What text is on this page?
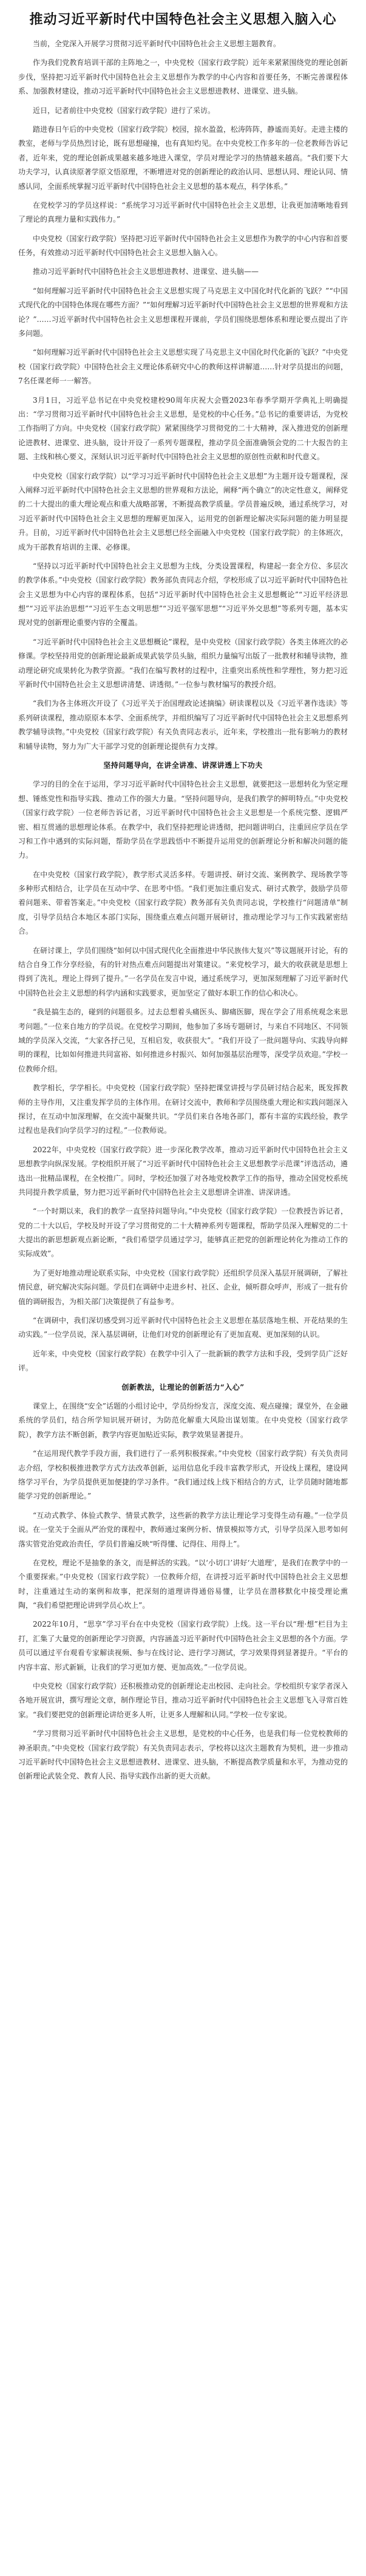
推动习近平新时代中国特色社会主义思想入脑入心

当前，全党深入开展学习贯彻习近平新时代中国特色社会主义思想主题教育。

作为我们党教育培训干部的主阵地之一，中央党校（国家行政学院）近年来紧紧围绕党的理论创新步伐，坚持把习近平新时代中国特色社会主义思想作为教学的中心内容和首要任务，不断完善课程体系、加强教材建设，推动习近平新时代中国特色社会主义思想进教材、进课堂、进头脑。

近日，记者前往中央党校（国家行政学院）进行了采访。

踏进春日午后的中央党校（国家行政学院）校园，掠水盈盈，松涛阵阵，静谧而美好。走进主楼的教室，老师与学员热烈讨论，既有思想碰撞，也有真知灼见。在中央党校工作多年的一位老教师告诉记者，近年来，党的理论创新成果越来越多地进入课堂，学员对理论学习的热情越来越高。“我们要下大功夫学习，认真读原著学原文悟原理，不断增进对党的创新理论的政治认同、思想认同、理论认同、情感认同，全面系统掌握习近平新时代中国特色社会主义思想的基本观点，科学体系。”

在党校学习的学员这样说：“系统学习习近平新时代中国特色社会主义思想，让我更加清晰地看到了理论的真理力量和实践伟力。”

中央党校（国家行政学院）坚持把习近平新时代中国特色社会主义思想作为教学的中心内容和首要任务，有效推动习近平新时代中国特色社会主义思想入脑入心。

推动习近平新时代中国特色社会主义思想进教材、进课堂、进头脑——

“如何理解习近平新时代中国特色社会主义思想实现了马克思主义中国化时代化新的飞跃？”“中国式现代化的中国特色体现在哪些方面？”“如何理解习近平新时代中国特色社会主义思想的世界观和方法论？”……习近平新时代中国特色社会主义思想课程开课前，学员们围绕思想体系和理论要点提出了许多问题。

“如何理解习近平新时代中国特色社会主义思想实现了马克思主义中国化时代化新的飞跃？”中央党校（国家行政学院）中国特色社会主义理论体系研究中心的教师这样讲解道……针对学员提出的问题，7名任课老师一一解答。

3月1日，习近平总书记在中央党校建校90周年庆祝大会暨2023年春季学期开学典礼上明确提出：“学习贯彻习近平新时代中国特色社会主义思想，是党校的中心任务。”总书记的重要讲话，为党校工作指明了方向。中央党校（国家行政学院）紧紧围绕学习贯彻党的二十大精神，深入推进党的创新理论进教材、进课堂、进头脑，设计开设了一系列专题课程，推动学员全面准确领会党的二十大报告的主题、主线和核心要义，深刻认识习近平新时代中国特色社会主义思想的原创性贡献和时代意义。

中央党校（国家行政学院）以“学习习近平新时代中国特色社会主义思想”为主题开设专题课程，深入阐释习近平新时代中国特色社会主义思想的世界观和方法论，阐释“两个确立”的决定性意义，阐释党的二十大提出的重大理论观点和重大战略部署，不断提高教学质量。学员普遍反映，通过系统学习，对习近平新时代中国特色社会主义思想的理解更加深入，运用党的创新理论解决实际问题的能力明显提升。目前，习近平新时代中国特色社会主义思想已经全面融入中央党校（国家行政学院）的主体班次，成为干部教育培训的主课、必修课。

“坚持以习近平新时代中国特色社会主义思想为主线，分类设置课程，构建起一套全方位、多层次的教学体系。”中央党校（国家行政学院）教务部负责同志介绍，学校形成了以习近平新时代中国特色社会主义思想为中心内容的课程体系，包括“习近平新时代中国特色社会主义思想概论”“习近平经济思想”“习近平法治思想”“习近平生态文明思想”“习近平强军思想”“习近平外交思想”等系列专题，基本实现对党的创新理论重要内容的全覆盖。

“习近平新时代中国特色社会主义思想概论”课程，是中央党校（国家行政学院）各类主体班次的必修课。学校坚持用党的创新理论最新成果武装学员头脑，组织力量编写出版了一批教材和辅导读物，推动理论研究成果转化为教学资源。“我们在编写教材的过程中，注重突出系统性和学理性，努力把习近平新时代中国特色社会主义思想讲清楚、讲透彻。”一位参与教材编写的教授介绍。

“我们为各主体班次开设了《习近平关于治国理政论述摘编》研读课程以及《习近平著作选读》等系列研读课程，推动原原本本学、全面系统学，并组织编写了习近平新时代中国特色社会主义思想系列教学辅导读物。”中央党校（国家行政学院）有关负责同志表示，近年来，学校推出一批有影响力的教材和辅导读物，努力为广大干部学习党的创新理论提供有力支撑。

坚持问题导向，在讲全讲准、讲深讲透上下功夫

学习的目的全在于运用，学习习近平新时代中国特色社会主义思想，就要把这一思想转化为坚定理想、锤炼党性和指导实践、推动工作的强大力量。“坚持问题导向，是我们教学的鲜明特点。”中央党校（国家行政学院）一位老师告诉记者，习近平新时代中国特色社会主义思想是一个系统完整、逻辑严密、相互贯通的思想理论体系。在教学中，我们坚持把理论讲透彻，把问题讲明白，注重回应学员在学习和工作中遇到的实际问题，帮助学员在学思践悟中不断提升运用党的创新理论分析和解决问题的能力。

在中央党校（国家行政学院），教学形式灵活多样。专题讲授、研讨交流、案例教学、现场教学等多种形式相结合，让学员在互动中学、在思考中悟。“我们更加注重启发式、研讨式教学，鼓励学员带着问题来、带着答案走。”中央党校（国家行政学院）教务部有关负责同志说，学校推行“问题清单”制度，引导学员结合本地区本部门实际，围绕重点难点问题开展研讨，推动理论学习与工作实践紧密结合。

在研讨课上，学员们围绕“如何以中国式现代化全面推进中华民族伟大复兴”等议题展开讨论，有的结合自身工作分享经验，有的针对热点难点问题提出对策建议。“来党校学习，最大的收获就是思想上得到了洗礼，理论上得到了提升。”一名学员在发言中说，通过系统学习，更加深刻理解了习近平新时代中国特色社会主义思想的科学内涵和实践要求，更加坚定了做好本职工作的信心和决心。

“我是搞生态的，碰到的问题很多。过去总想着头痛医头、脚痛医脚，现在学会了用系统观念来思考问题。”一位来自地方的学员说。在党校学习期间，他参加了多场专题研讨，与来自不同地区、不同领域的学员深入交流，“大家各抒己见，互相启发，收获很大”。“我们开设了一批问题导向、实践导向鲜明的课程，比如如何推进共同富裕、如何推进乡村振兴、如何加强基层治理等，深受学员欢迎。”学校一位教师介绍。

教学相长，学学相长。中央党校（国家行政学院）坚持把课堂讲授与学员研讨结合起来，既发挥教师的主导作用，又注重发挥学员的主体作用。在研讨交流中，教师和学员围绕重大理论和实践问题深入探讨，在互动中加深理解，在交流中凝聚共识。“学员们来自各地各部门，都有丰富的实践经验，教学过程也是我们向学员学习的过程。”一位教师说。

2022年，中央党校（国家行政学院）进一步深化教学改革，推动习近平新时代中国特色社会主义思想教学向纵深发展。学校组织开展了“习近平新时代中国特色社会主义思想教学示范课”评选活动，遴选出一批精品课程，在全校推广。同时，学校还加强了对各地党校教学工作的指导，推动全国党校系统共同提升教学质量，努力把习近平新时代中国特色社会主义思想讲全讲准、讲深讲透。

“一个时期以来，我们的教学一直坚持问题导向。”中央党校（国家行政学院）一位教授告诉记者，党的二十大以后，学校及时开设了学习贯彻党的二十大精神系列专题课程，帮助学员深入理解党的二十大提出的新思想新观点新论断，“我们希望学员通过学习，能够真正把党的创新理论转化为推动工作的实际成效”。

为了更好地推动理论联系实际，中央党校（国家行政学院）还组织学员深入基层开展调研，了解社情民意，研究解决实际问题。学员们在调研中走进乡村、社区、企业，倾听群众呼声，形成了一批有价值的调研报告，为相关部门决策提供了有益参考。

“在调研中，我们深切感受到习近平新时代中国特色社会主义思想在基层落地生根、开花结果的生动实践。”一位学员说，深入基层调研，让他们对党的创新理论有了更加直观、更加深刻的认识。

近年来，中央党校（国家行政学院）在教学中引入了一批新颖的教学方法和手段，受到学员广泛好评。

创新教法，让理论的创新活力“入心”

课堂上，在围绕“安全”话题的小组讨论中，学员纷纷发言，深度交流、观点碰撞；课堂外，在金融系统的学员们，结合所学知识展开研讨，为防范化解重大风险出谋划策。在中央党校（国家行政学院），教学方法不断创新，教学内容更加贴近实际，教学效果显著提升。

“在运用现代教学手段方面，我们进行了一系列积极探索。”中央党校（国家行政学院）有关负责同志介绍，学校积极推进教学方式方法改革创新，运用信息化手段丰富教学形式，开设线上课程，建设网络学习平台，为学员提供更加便捷的学习条件。“我们通过线上线下相结合的方式，让学员随时随地都能学习党的创新理论。”

“互动式教学、体验式教学、情景式教学，这些新的教学方法让理论学习变得生动有趣。”一位学员说。在一堂关于全面从严治党的课程中，教师通过案例分析、情景模拟等方式，引导学员深入思考如何落实管党治党政治责任，学员们普遍反映“听得懂、记得住、用得上”。

在党校，理论不是抽象的条文，而是鲜活的实践。“以‘小切口’讲好‘大道理’，是我们在教学中的一个重要探索。”中央党校（国家行政学院）一位教师介绍，在讲授习近平新时代中国特色社会主义思想时，注重通过生动的案例和故事，把深刻的道理讲得通俗易懂，让学员在潜移默化中接受理论熏陶，“我们希望把理论讲到学员心坎上”。

2022年10月，“思享”学习平台在中央党校（国家行政学院）上线。这一平台以“理·想”栏目为主打，汇集了大量党的创新理论学习资源，内容涵盖习近平新时代中国特色社会主义思想的各个方面。学员可以通过平台观看专家解读视频、参与在线讨论、进行学习测试，学习效果得到显著提升。“平台的内容丰富、形式新颖，让我们的学习更加方便、更加高效。”一位学员说。

中央党校（国家行政学院）还积极推动党的创新理论走出校园、走向社会。学校组织专家学者深入各地开展宣讲，撰写理论文章，制作理论节目，推动习近平新时代中国特色社会主义思想飞入寻常百姓家。“我们要把党的创新理论讲给更多人听，让更多人理解和认同。”学校一位专家说。

“学习贯彻习近平新时代中国特色社会主义思想，是党校的中心任务，也是我们每一位党校教师的神圣职责。”中央党校（国家行政学院）有关负责同志表示，学校将以这次主题教育为契机，进一步推动习近平新时代中国特色社会主义思想进教材、进课堂、进头脑，不断提高教学质量和水平，为推动党的创新理论武装全党、教育人民、指导实践作出新的更大贡献。
